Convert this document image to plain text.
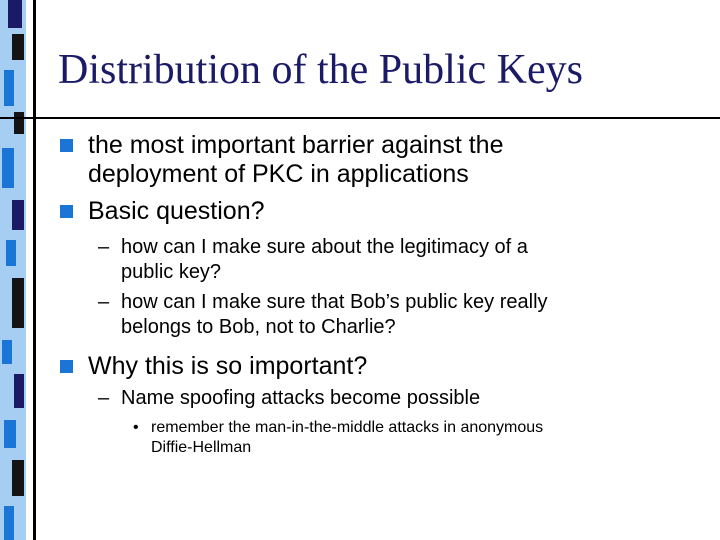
Distribution of the Public Keys
the most important barrier against the
deployment of PKC in applications
Basic question?
– how can I make sure about the legitimacy of a
public key?
– how can I make sure that Bob’s public key really
belongs to Bob, not to Charlie?
Why this is so important?
– Name spoofing attacks become possible
• remember the man-in-the-middle attacks in anonymous
Diffie-Hellman
